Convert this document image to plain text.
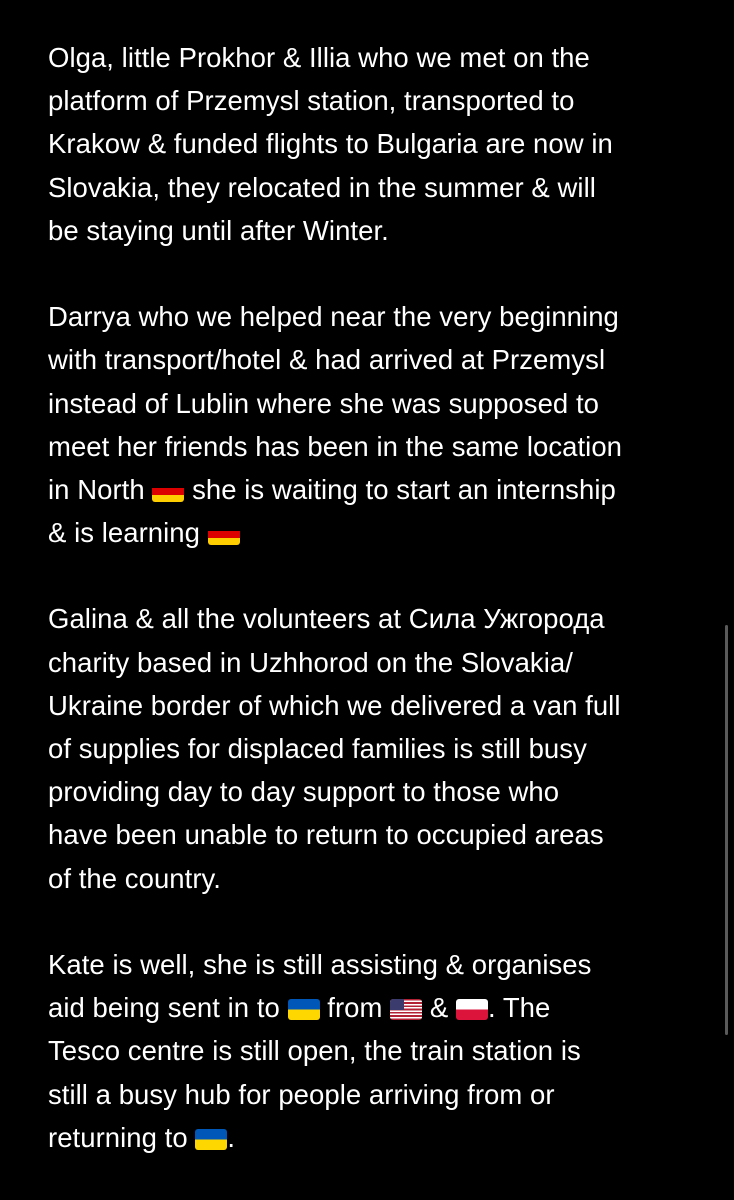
Olga, little Prokhor & Illia who we met on the
platform of Przemysl station, transported to
Krakow & funded flights to Bulgaria are now in
Slovakia, they relocated in the summer & will
be staying until after Winter.
Darrya who we helped near the very beginning
with transport/hotel & had arrived at Przemysl
instead of Lublin where she was supposed to
meet her friends has been in the same location
in North  she is waiting to start an internship
& is learning
Galina & all the volunteers at Сила Ужгорода
charity based in Uzhhorod on the Slovakia/
Ukraine border of which we delivered a van full
of supplies for displaced families is still busy
providing day to day support to those who
have been unable to return to occupied areas
of the country.
Kate is well, she is still assisting & organises
aid being sent in to  from  & . The
Tesco centre is still open, the train station is
still a busy hub for people arriving from or
returning to .
